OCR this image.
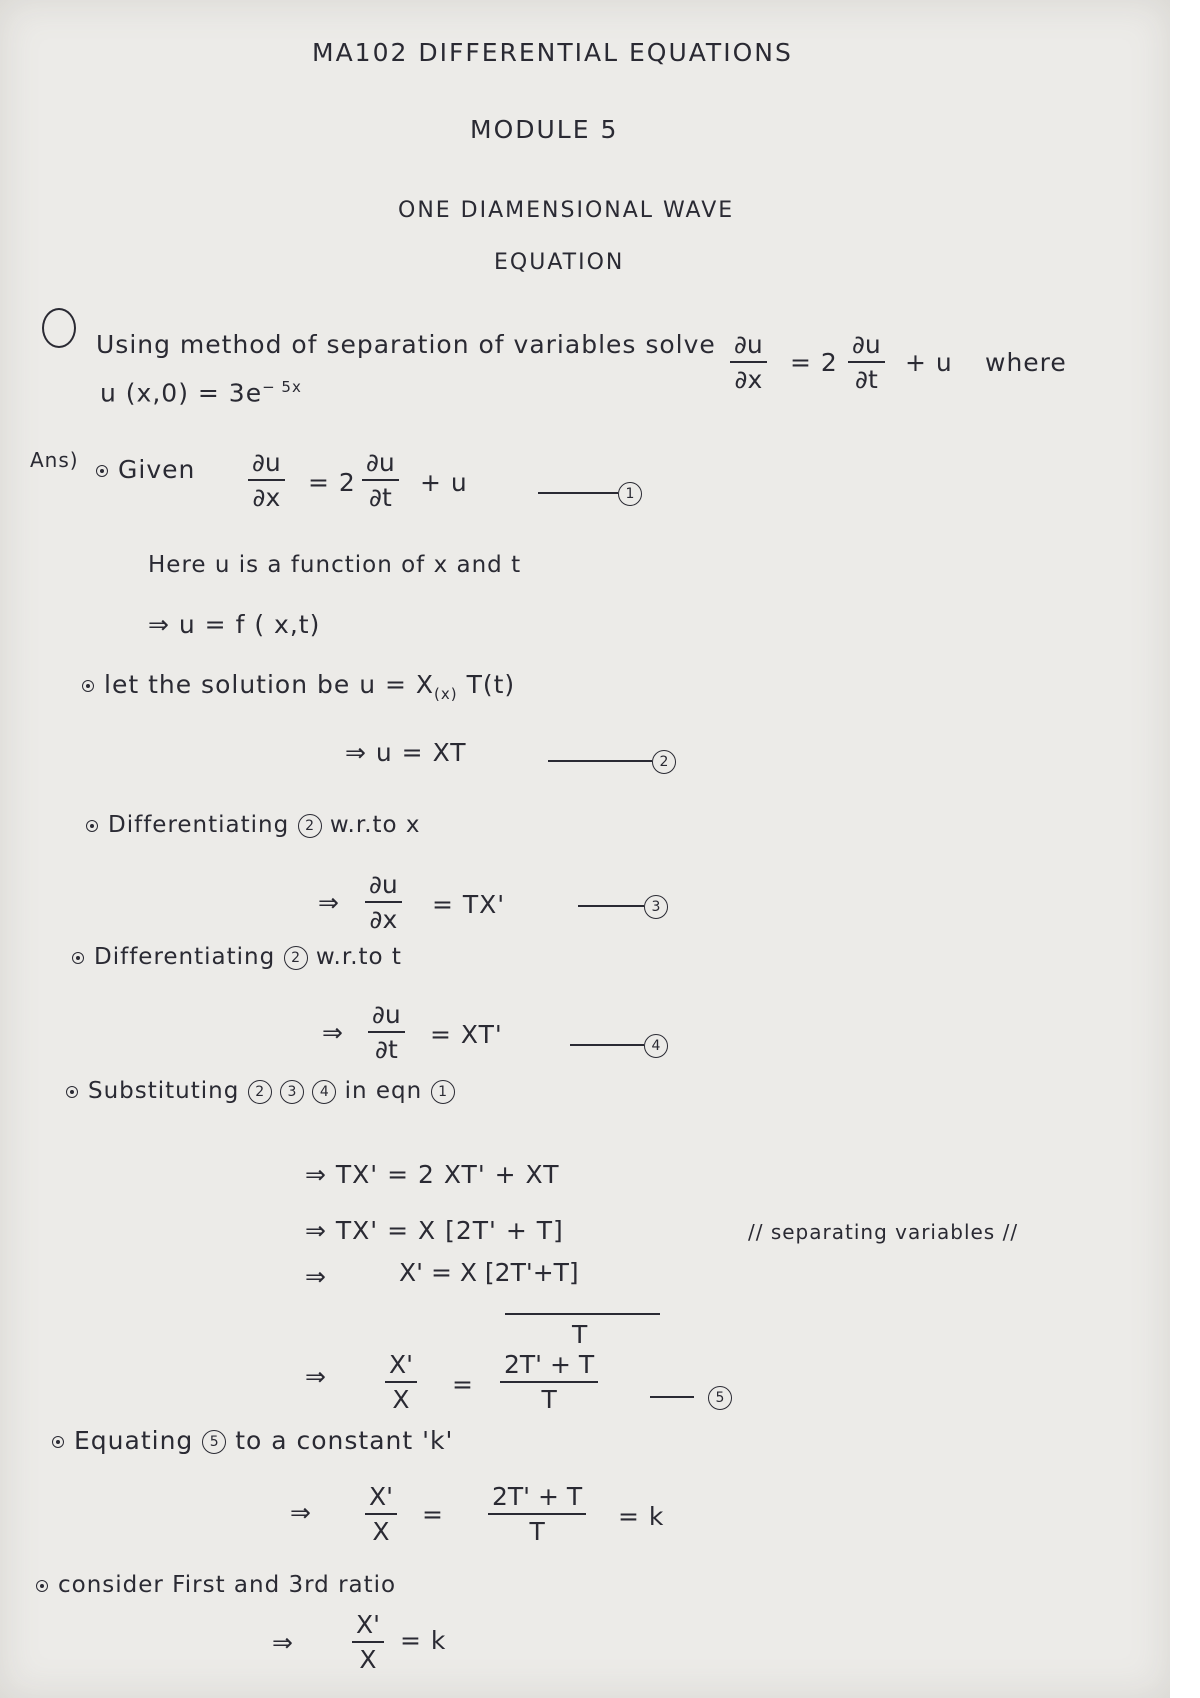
MA102 DIFFERENTIAL EQUATIONS
MODULE 5
ONE DIAMENSIONAL WAVE
EQUATION
Using method of separation of variables solve $\frac{\partial u}{\partial x} = 2 \frac{\partial u}{\partial t} + u$ where
u $(x,0) = 3e^{- 5x}$
Ans)	Given $\frac{\partial u}{\partial x} = 2 \frac{\partial u}{\partial t} + u$	1
Here u is a function of x and t
⇒ u = f ( x,t)
let the solution be $u = X_{(x)}$ T(t)
⇒ u = XT	2
Differentiating 2 w.r.to x
⇒ $\frac{\partial u}{\partial x} = TX'$	3
Differentiating 2 w.r.to t
⇒ $\frac{\partial u}{\partial t} = XT'$	4
Substituting 2 3 4 in eqn 1
⇒ TX' = 2 XT' + XT
⇒ TX' = X [2T' + T]	// separating variables //
⇒	X' = X [2T'+T]
T
⇒ $\frac{X'}{X} = \frac{2T' + T}{T}$	5
Equating 5 to a constant 'k'
⇒ $\frac{X'}{X} = \frac{2T' + T}{T} = k$
consider First and 3rd ratio
⇒ $\frac{X'}{X} = k$
